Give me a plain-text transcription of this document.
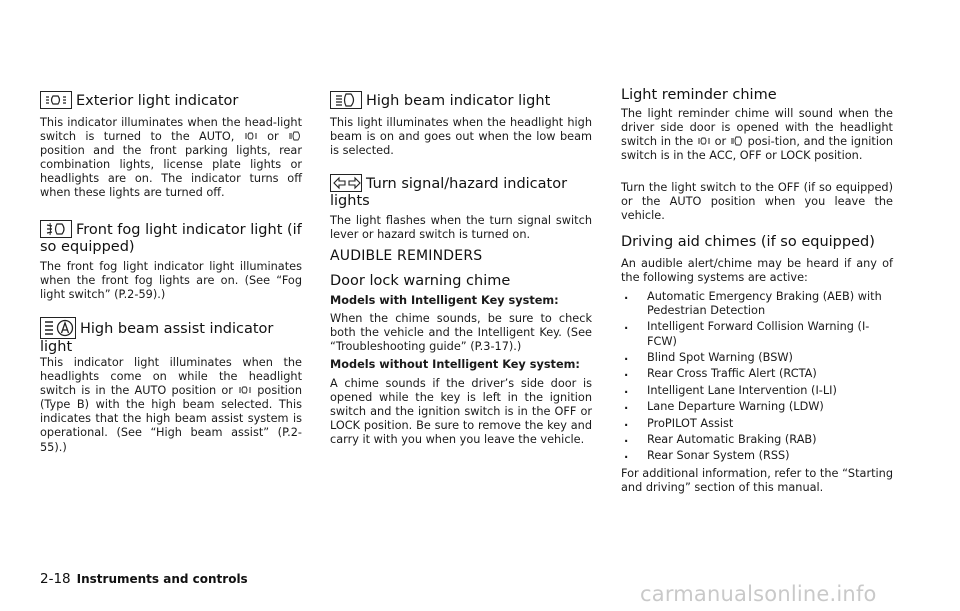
Exterior light indicator

This indicator illuminates when the head-light switch is turned to the AUTO,	or  position and the front parking lights, rear combination lights, license plate lights or headlights are on. The indicator turns off when these lights are turned off.

Front fog light indicator light (if so equipped)

The front fog light indicator light illuminates when the front fog lights are on. (See “Fog light switch” (P.2-59).)

High beam assist indicator light

This indicator light illuminates when the headlights come on while the headlight switch is in the AUTO position or position (Type B) with the high beam selected. This indicates that the high beam assist system is operational. (See “High beam assist” (P.2-55).)

High beam indicator light

This light illuminates when the headlight high beam is on and goes out when the low beam is selected.

Turn signal/hazard indicator lights

The light flashes when the turn signal switch lever or hazard switch is turned on.

AUDIBLE REMINDERS
Door lock warning chime

Models with Intelligent Key system:

When the chime sounds, be sure to check both the vehicle and the Intelligent Key. (See “Troubleshooting guide” (P.3-17).)

Models without Intelligent Key system:

A chime sounds if the driver’s side door is opened while the key is left in the ignition switch and the ignition switch is in the OFF or LOCK position. Be sure to remove the key and carry it with you when you leave the vehicle.

Light reminder chime

The light reminder chime will sound when the driver side door is opened with the headlight switch in the or posi-tion, and the ignition switch is in the ACC, OFF or LOCK position.

Turn the light switch to the OFF (if so equipped) or the AUTO position when you leave the vehicle.

Driving aid chimes (if so equipped)

An audible alert/chime may be heard if any of the following systems are active:

. Automatic Emergency Braking (AEB) with Pedestrian Detection
. Intelligent Forward Collision Warning (I-FCW)
. Blind Spot Warning (BSW)
. Rear Cross Traffic Alert (RCTA)
. Intelligent Lane Intervention (I-LI)
. Lane Departure Warning (LDW)
. ProPILOT Assist
. Rear Automatic Braking (RAB)
. Rear Sonar System (RSS)

For additional information, refer to the “Starting and driving” section of this manual.

2-18 Instruments and controls
carmanualsonline.info
